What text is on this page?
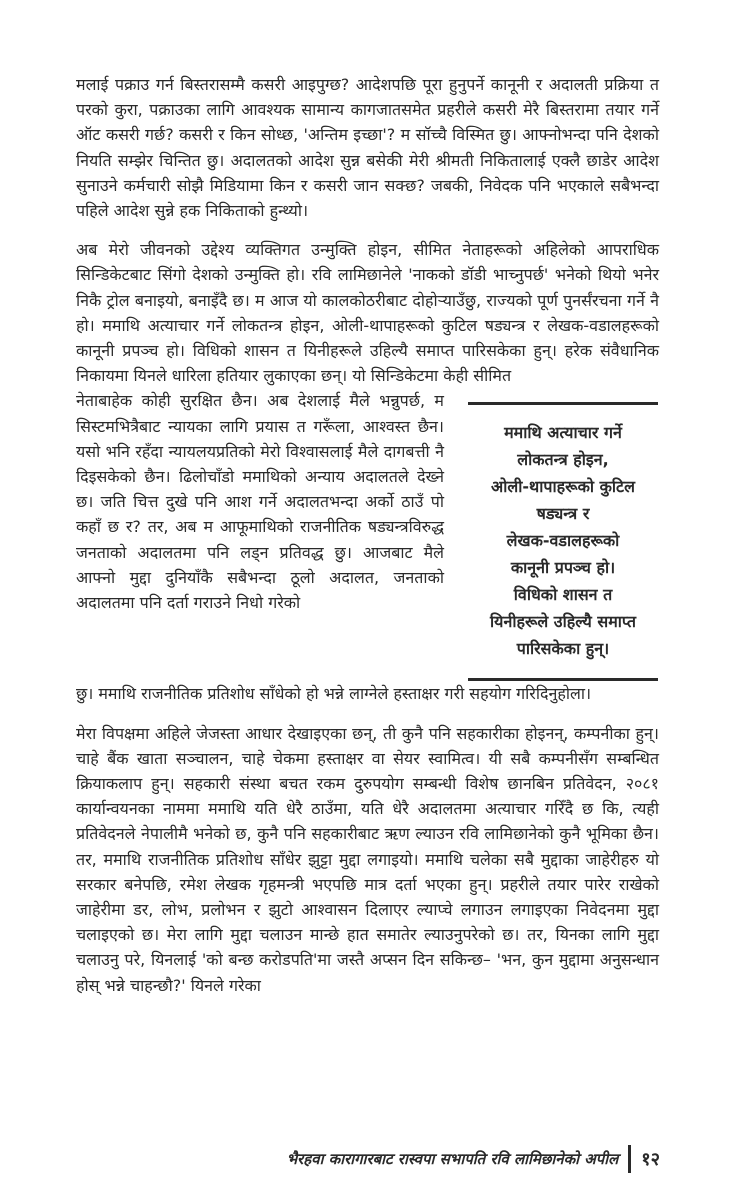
मलाई पक्राउ गर्न बिस्तरासम्मै कसरी आइपुग्छ? आदेशपछि पूरा हुनुपर्ने कानूनी र अदालती प्रक्रिया त परको कुरा, पक्राउका लागि आवश्यक सामान्य कागजातसमेत प्रहरीले कसरी मेरै बिस्तरामा तयार गर्ने ऑट कसरी गर्छ? कसरी र किन सोध्छ, 'अन्तिम इच्छा'? म सॉच्चै विस्मित छु। आफ्नोभन्दा पनि देशको नियति सम्झेर चिन्तित छु। अदालतको आदेश सुन्न बसेकी मेरी श्रीमती निकितालाई एक्लै छाडेर आदेश सुनाउने कर्मचारी सोझै मिडियामा किन र कसरी जान सक्छ? जबकी, निवेदक पनि भएकाले सबैभन्दा पहिले आदेश सुन्ने हक निकिताको हुन्थ्यो।

अब मेरो जीवनको उद्देश्य व्यक्तिगत उन्मुक्ति होइन, सीमित नेताहरूको अहिलेको आपराधिक सिन्डिकेटबाट सिंगो देशको उन्मुक्ति हो। रवि लामिछानेले 'नाकको डॉडी भाच्नुपर्छ' भनेको थियो भनेर निकै ट्रोल बनाइयो, बनाइँदै छ। म आज यो कालकोठरीबाट दोहोऱ्याउँछु, राज्यको पूर्ण पुनर्संरचना गर्ने नै हो। ममाथि अत्याचार गर्ने लोकतन्त्र होइन, ओली-थापाहरूको कुटिल षड्यन्त्र र लेखक-वडालहरूको कानूनी प्रपञ्च हो। विधिको शासन त यिनीहरूले उहिल्यै समाप्त पारिसकेका हुन्। हरेक संवैधानिक निकायमा यिनले धारिला हतियार लुकाएका छन्। यो सिन्डिकेटमा केही सीमित

नेताबाहेक कोही सुरक्षित छैन। अब देशलाई मैले भन्नुपर्छ, म सिस्टमभित्रैबाट न्यायका लागि प्रयास त गरूँला, आश्वस्त छैन। यसो भनि रहँदा न्यायलयप्रतिको मेरो विश्वासलाई मैले दागबत्ती नै दिइसकेको छैन। ढिलोचाँडो ममाथिको अन्याय अदालतले देख्ने छ। जति चित्त दुखे पनि आश गर्ने अदालतभन्दा अर्को ठाउँ पो कहाँ छ र? तर, अब म आफूमाथिको राजनीतिक षड्यन्त्रविरुद्ध जनताको अदालतमा पनि लड्न प्रतिवद्ध छु। आजबाट मैले आफ्नो मुद्दा दुनियाँकै सबैभन्दा ठूलो अदालत, जनताको अदालतमा पनि दर्ता गराउने निधो गरेको

ममाथि अत्याचार गर्ने
लोकतन्त्र होइन,
ओली-थापाहरूको कुटिल
षड्यन्त्र र
लेखक-वडालहरूको
कानूनी प्रपञ्च हो।
विधिको शासन त
यिनीहरूले उहिल्यै समाप्त
पारिसकेका हुन्।

छु। ममाथि राजनीतिक प्रतिशोध साँधेको हो भन्ने लाग्नेले हस्ताक्षर गरी सहयोग गरिदिनुहोला।

मेरा विपक्षमा अहिले जेजस्ता आधार देखाइएका छन्, ती कुनै पनि सहकारीका होइनन्, कम्पनीका हुन्। चाहे बैंक खाता सञ्चालन, चाहे चेकमा हस्ताक्षर वा सेयर स्वामित्व। यी सबै कम्पनीसँग सम्बन्धित क्रियाकलाप हुन्। सहकारी संस्था बचत रकम दुरुपयोग सम्बन्धी विशेष छानबिन प्रतिवेदन, २०८१ कार्यान्वयनका नाममा ममाथि यति धेरै ठाउँमा, यति धेरै अदालतमा अत्याचार गरिँदै छ कि, त्यही प्रतिवेदनले नेपालीमै भनेको छ, कुनै पनि सहकारीबाट ऋण ल्याउन रवि लामिछानेको कुनै भूमिका छैन। तर, ममाथि राजनीतिक प्रतिशोध साँधेर झुट्टा मुद्दा लगाइयो। ममाथि चलेका सबै मुद्दाका जाहेरीहरु यो सरकार बनेपछि, रमेश लेखक गृहमन्त्री भएपछि मात्र दर्ता भएका हुन्। प्रहरीले तयार पारेर राखेको जाहेरीमा डर, लोभ, प्रलोभन र झुटो आश्वासन दिलाएर ल्याप्चे लगाउन लगाइएका निवेदनमा मुद्दा चलाइएको छ। मेरा लागि मुद्दा चलाउन मान्छे हात समातेर ल्याउनुपरेको छ। तर, यिनका लागि मुद्दा चलाउनु परे, यिनलाई 'को बन्छ करोडपति'मा जस्तै अप्सन दिन सकिन्छ– 'भन, कुन मुद्दामा अनुसन्धान होस् भन्ने चाहन्छौ?' यिनले गरेका

भैरहवा कारागारबाट रास्वपा सभापति रवि लामिछानेको अपील १२
